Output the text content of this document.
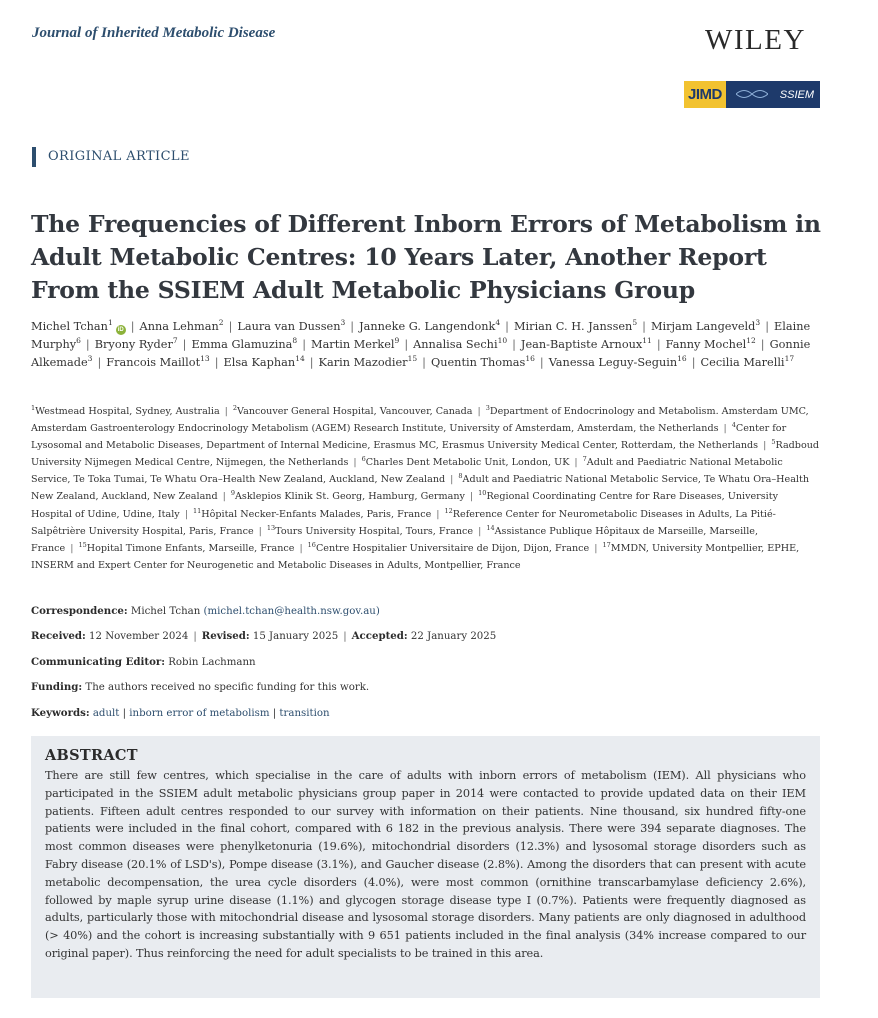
Journal of Inherited Metabolic Disease	WILEY
JIMD	SSIEM
ORIGINAL ARTICLE
The Frequencies of Different Inborn Errors of Metabolism in Adult Metabolic Centres: 10 Years Later, Another Report From the SSIEM Adult Metabolic Physicians Group
Michel Tchan$^1$iD | Anna Lehman$^2$ | Laura van Dussen$^3$ | Janneke G. Langendonk$^4$ | Mirian C. H. Janssen$^5$ | Mirjam Langeveld$^3$ | Elaine Murphy$^6$ | Bryony Ryder$^7$ | Emma Glamuzina$^8$ | Martin Merkel$^9$ | Annalisa Sechi$^{10}$ | Jean-Baptiste Arnoux$^{11}$ | Fanny Mochel$^{12}$ | Gonnie Alkemade$^3$ | Francois Maillot$^{13}$ | Elsa Kaphan$^{14}$ | Karin Mazodier$^{15}$ | Quentin Thomas$^{16}$ | Vanessa Leguy-Seguin$^{16}$ | Cecilia Marelli$^{17}$
$^1$Westmead Hospital, Sydney, Australia | $^2$Vancouver General Hospital, Vancouver, Canada | $^3$Department of Endocrinology and Metabolism. Amsterdam UMC, Amsterdam Gastroenterology Endocrinology Metabolism (AGEM) Research Institute, University of Amsterdam, Amsterdam, the Netherlands | $^4$Center for Lysosomal and Metabolic Diseases, Department of Internal Medicine, Erasmus MC, Erasmus University Medical Center, Rotterdam, the Netherlands | $^5$Radboud University Nijmegen Medical Centre, Nijmegen, the Netherlands | $^6$Charles Dent Metabolic Unit, London, UK | $^7$Adult and Paediatric National Metabolic Service, Te Toka Tumai, Te Whatu Ora–Health New Zealand, Auckland, New Zealand | $^8$Adult and Paediatric National Metabolic Service, Te Whatu Ora–Health New Zealand, Auckland, New Zealand | $^9$Asklepios Klinik St. Georg, Hamburg, Germany | $^{10}$Regional Coordinating Centre for Rare Diseases, University Hospital of Udine, Udine, Italy | $^{11}$Hôpital Necker-Enfants Malades, Paris, France | $^{12}$Reference Center for Neurometabolic Diseases in Adults, La Pitié-Salpêtrière University Hospital, Paris, France | $^{13}$Tours University Hospital, Tours, France | $^{14}$Assistance Publique Hôpitaux de Marseille, Marseille, France | $^{15}$Hopital Timone Enfants, Marseille, France | $^{16}$Centre Hospitalier Universitaire de Dijon, Dijon, France | $^{17}$MMDN, University Montpellier, EPHE, INSERM and Expert Center for Neurogenetic and Metabolic Diseases in Adults, Montpellier, France
Correspondence: Michel Tchan (michel.tchan@health.nsw.gov.au)
Received: 12 November 2024 | Revised: 15 January 2025 | Accepted: 22 January 2025
Communicating Editor: Robin Lachmann
Funding: The authors received no specific funding for this work.
Keywords: adult | inborn error of metabolism | transition
ABSTRACT

There are still few centres, which specialise in the care of adults with inborn errors of metabolism (IEM). All physicians who participated in the SSIEM adult metabolic physicians group paper in 2014 were contacted to provide updated data on their IEM patients. Fifteen adult centres responded to our survey with information on their patients. Nine thousand, six hundred fifty-one patients were included in the final cohort, compared with 6 182 in the previous analysis. There were 394 separate diagnoses. The most common diseases were phenylketonuria (19.6%), mitochondrial disorders (12.3%) and lysosomal storage disorders such as Fabry disease (20.1% of LSD's), Pompe disease (3.1%), and Gaucher disease (2.8%). Among the disorders that can present with acute metabolic decompensation, the urea cycle disorders (4.0%), were most common (ornithine transcarbamylase deficiency 2.6%), followed by maple syrup urine disease (1.1%) and glycogen storage disease type I (0.7%). Patients were frequently diagnosed as adults, particularly those with mitochondrial disease and lysosomal storage disorders. Many patients are only diagnosed in adulthood (> 40%) and the cohort is increasing substantially with 9 651 patients included in the final analysis (34% increase compared to our original paper). Thus reinforcing the need for adult specialists to be trained in this area.
